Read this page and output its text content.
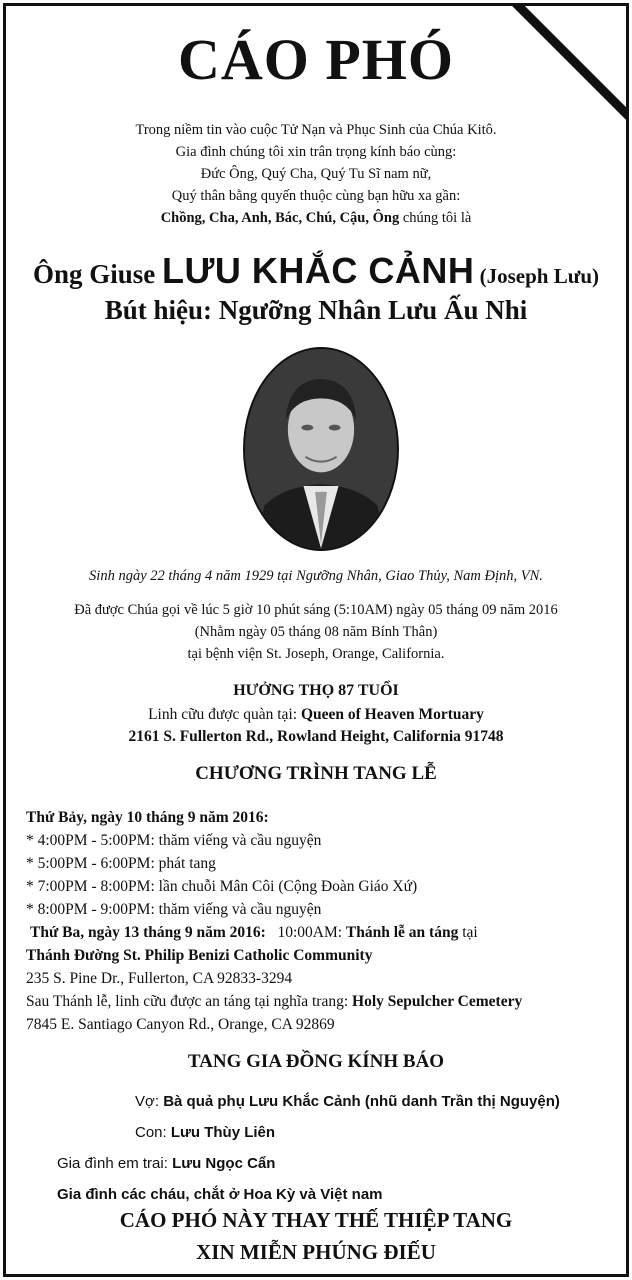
CÁO PHÓ
Trong niềm tin vào cuộc Tử Nạn và Phục Sinh của Chúa Kitô.
Gia đình chúng tôi xin trân trọng kính báo cùng:
Đức Ông, Quý Cha, Quý Tu Sĩ nam nữ,
Quý thân bằng quyến thuộc cùng bạn hữu xa gần:
Chồng, Cha, Anh, Bác, Chú, Cậu, Ông chúng tôi là
Ông Giuse LƯU KHẮC CẢNH (Joseph Lưu)
Bút hiệu: Ngưỡng Nhân Lưu Ấu Nhi
Sinh ngày 22 tháng 4 năm 1929 tại Ngưỡng Nhân, Giao Thủy, Nam Định, VN.
Đã được Chúa gọi về lúc 5 giờ 10 phút sáng (5:10AM) ngày 05 tháng 09 năm 2016
(Nhằm ngày 05 tháng 08 năm Bính Thân)
tại bệnh viện St. Joseph, Orange, California.
HƯỞNG THỌ 87 TUỔI
Linh cữu được quàn tại: Queen of Heaven Mortuary
2161 S. Fullerton Rd., Rowland Height, California 91748
CHƯƠNG TRÌNH TANG LỄ
Thứ Bảy, ngày 10 tháng 9 năm 2016:
* 4:00PM - 5:00PM: thăm viếng và cầu nguyện
* 5:00PM - 6:00PM: phát tang
* 7:00PM - 8:00PM: lần chuỗi Mân Côi (Cộng Đoàn Giáo Xứ)
* 8:00PM - 9:00PM: thăm viếng và cầu nguyện
Thứ Ba, ngày 13 tháng 9 năm 2016:   10:00AM: Thánh lễ an táng tại
Thánh Đường St. Philip Benizi Catholic Community
235 S. Pine Dr., Fullerton, CA 92833-3294
Sau Thánh lễ, linh cữu được an táng tại nghĩa trang: Holy Sepulcher Cemetery
7845 E. Santiago Canyon Rd., Orange, CA 92869
TANG GIA ĐỒNG KÍNH BÁO
Vợ: Bà quả phụ Lưu Khắc Cảnh (nhũ danh Trần thị Nguyện)
Con: Lưu Thùy Liên
Gia đình em trai: Lưu Ngọc Cẩn
Gia đình các cháu, chắt ở Hoa Kỳ và Việt nam
CÁO PHÓ NÀY THAY THẾ THIỆP TANG
XIN MIỄN PHÚNG ĐIẾU
